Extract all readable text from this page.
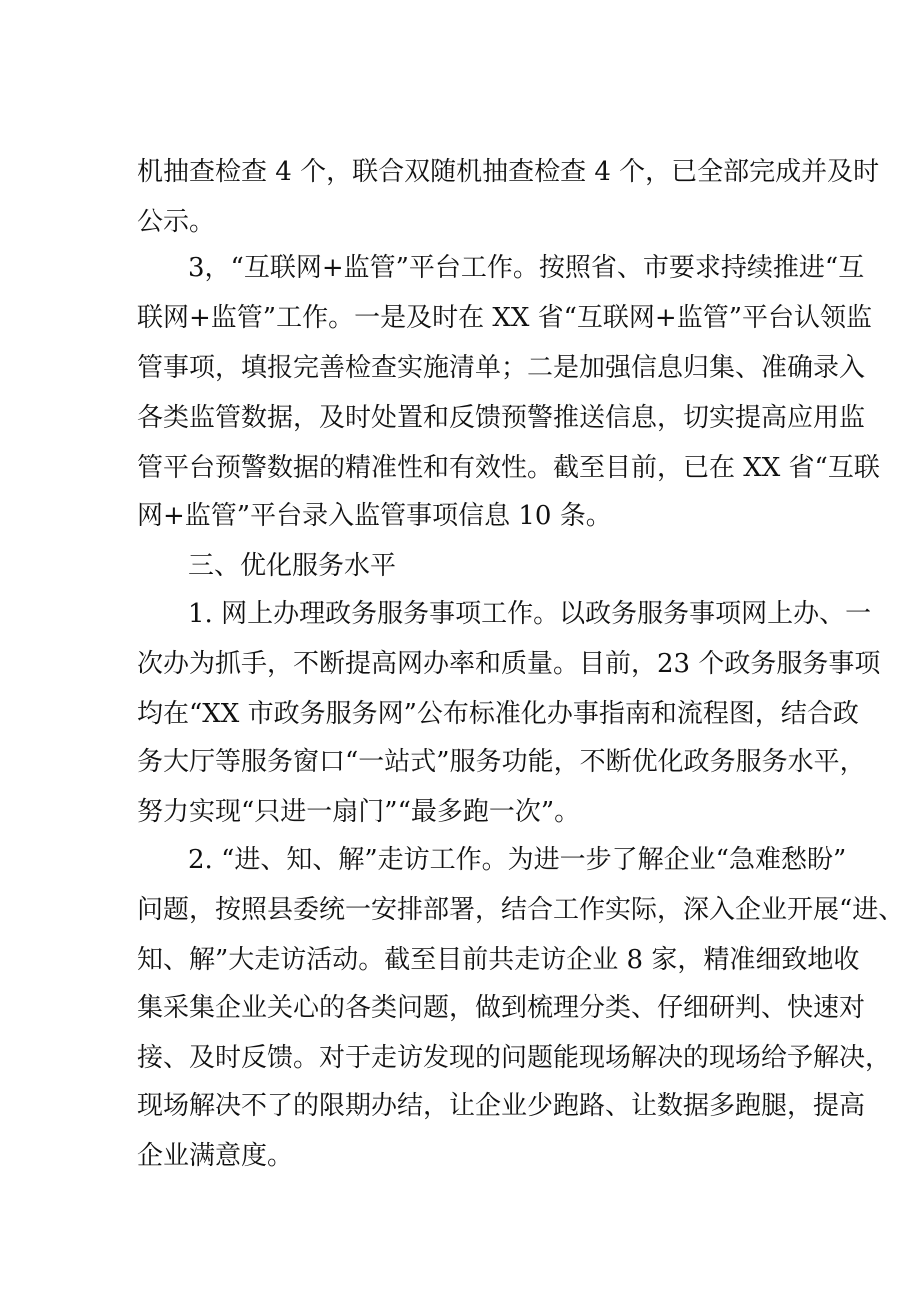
机抽查检查 4 个，联合双随机抽查检查 4 个，已全部完成并及时
公示。
3，“互联网+监管”平台工作。按照省、市要求持续推进“互
联网+监管”工作。一是及时在 XX 省“互联网+监管”平台认领监
管事项，填报完善检查实施清单；二是加强信息归集、准确录入
各类监管数据，及时处置和反馈预警推送信息，切实提高应用监
管平台预警数据的精准性和有效性。截至目前，已在 XX 省“互联
网+监管”平台录入监管事项信息 10 条。
三、优化服务水平
1. 网上办理政务服务事项工作。以政务服务事项网上办、一
次办为抓手，不断提高网办率和质量。目前，23 个政务服务事项
均在“XX 市政务服务网”公布标准化办事指南和流程图，结合政
务大厅等服务窗口“一站式”服务功能，不断优化政务服务水平，
努力实现“只进一扇门”“最多跑一次”。
2. “进、知、解”走访工作。为进一步了解企业“急难愁盼”
问题，按照县委统一安排部署，结合工作实际，深入企业开展“进、
知、解”大走访活动。截至目前共走访企业 8 家，精准细致地收
集采集企业关心的各类问题，做到梳理分类、仔细研判、快速对
接、及时反馈。对于走访发现的问题能现场解决的现场给予解决，
现场解决不了的限期办结，让企业少跑路、让数据多跑腿，提高
企业满意度。
